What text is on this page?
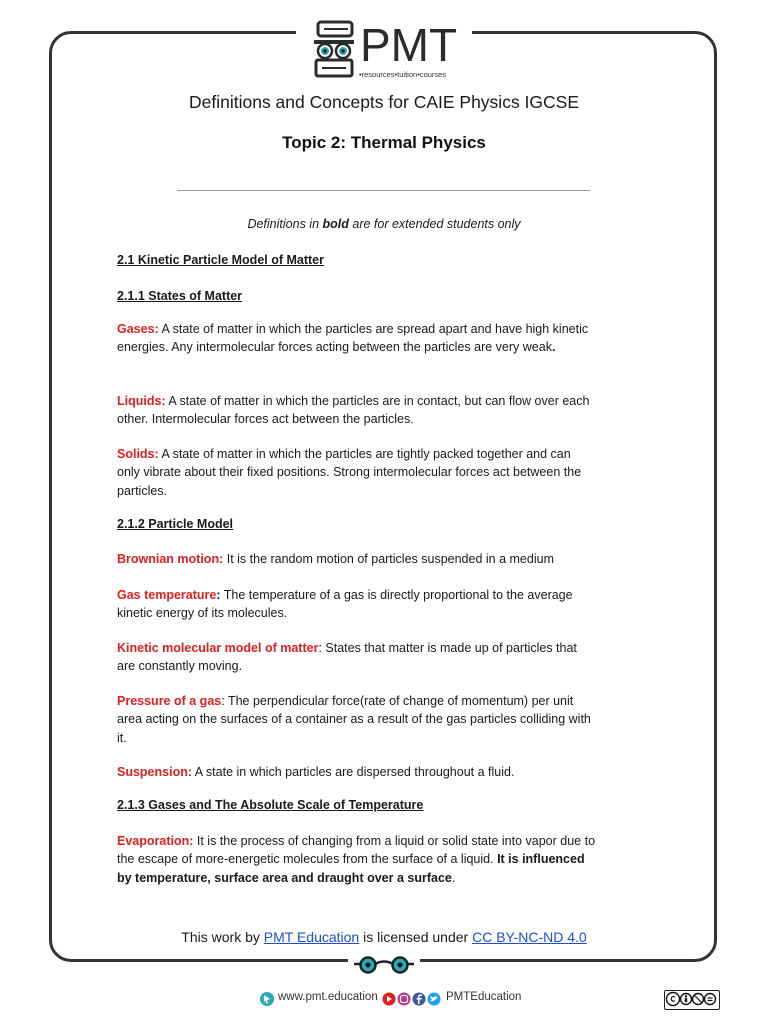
PMT
•resources•tuition•courses
Definitions and Concepts for CAIE Physics IGCSE
Topic 2: Thermal Physics
Definitions in bold are for extended students only
2.1 Kinetic Particle Model of Matter
2.1.1 States of Matter
Gases: A state of matter in which the particles are spread apart and have high kinetic energies. Any intermolecular forces acting between the particles are very weak.
Liquids: A state of matter in which the particles are in contact, but can flow over each other. Intermolecular forces act between the particles.
Solids: A state of matter in which the particles are tightly packed together and can only vibrate about their fixed positions. Strong intermolecular forces act between the particles.
2.1.2 Particle Model
Brownian motion: It is the random motion of particles suspended in a medium
Gas temperature: The temperature of a gas is directly proportional to the average kinetic energy of its molecules.
Kinetic molecular model of matter: States that matter is made up of particles that are constantly moving.
Pressure of a gas: The perpendicular force(rate of change of momentum) per unit area acting on the surfaces of a container as a result of the gas particles colliding with it.
Suspension: A state in which particles are dispersed throughout a fluid.
2.1.3 Gases and The Absolute Scale of Temperature
Evaporation: It is the process of changing from a liquid or solid state into vapor due to the escape of more-energetic molecules from the surface of a liquid. It is influenced by temperature, surface area and draught over a surface.
This work by PMT Education is licensed under CC BY-NC-ND 4.0
www.pmt.education	PMTEducation
